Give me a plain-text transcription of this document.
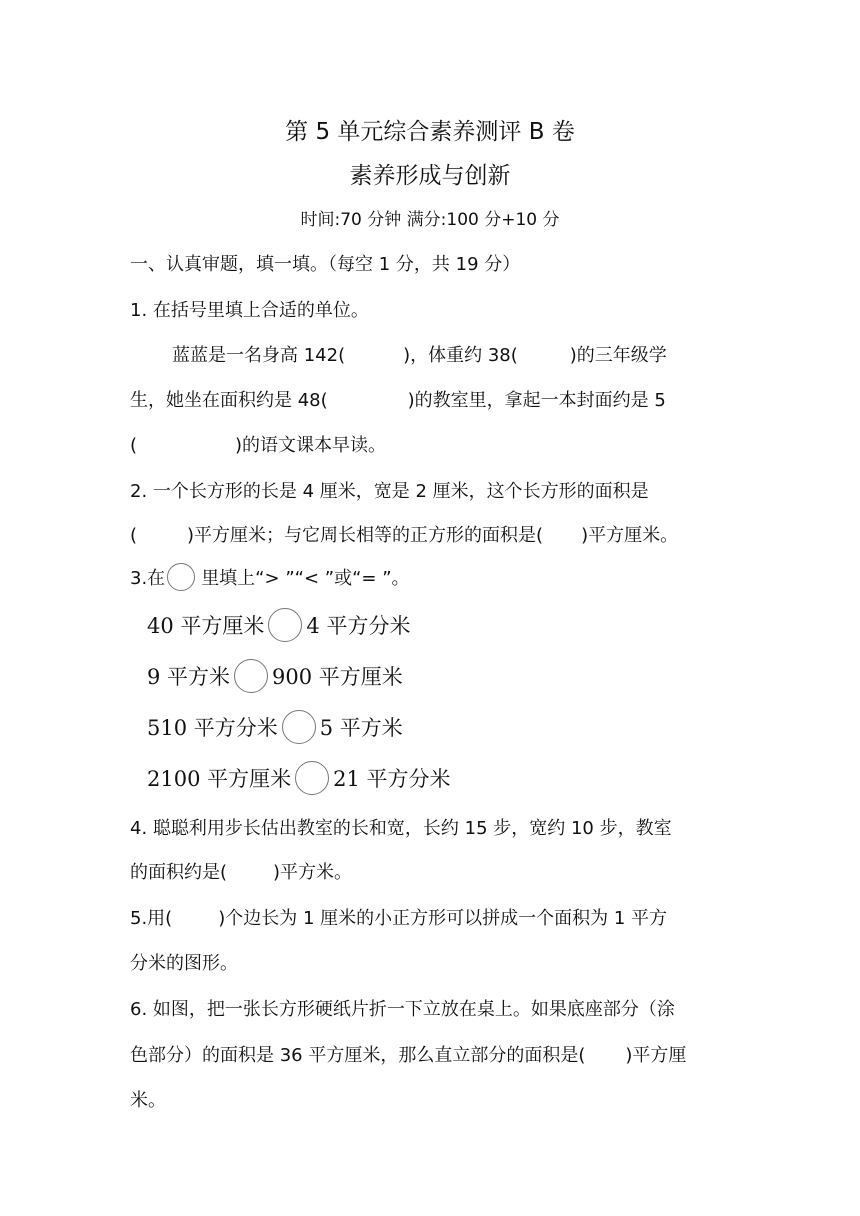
第 5 单元综合素养测评 B 卷
素养形成与创新
时间:70 分钟 满分:100 分+10 分
一、认真审题，填一填。（每空 1 分，共 19 分）
1. 在括号里填上合适的单位。
蓝蓝是一名身高 142(	)，体重约 38(	)的三年级学
生，她坐在面积约是 48(	)的教室里，拿起一本封面约是 5
(	)的语文课本早读。
2. 一个长方形的长是 4 厘米，宽是 2 厘米，这个长方形的面积是
(	)平方厘米；与它周长相等的正方形的面积是( )平方厘米。
3.在 里填上“> ”“< ”或“= ”。
40 平方厘米 4 平方分米
9 平方米 900 平方厘米
510 平方分米 5 平方米
2100 平方厘米 21 平方分米
4. 聪聪利用步长估出教室的长和宽，长约 15 步，宽约 10 步，教室
的面积约是(	)平方米。
5.用(	)个边长为 1 厘米的小正方形可以拼成一个面积为 1 平方
分米的图形。
6. 如图，把一张长方形硬纸片折一下立放在桌上。如果底座部分（涂
色部分）的面积是 36 平方厘米，那么直立部分的面积是( )平方厘
米。
